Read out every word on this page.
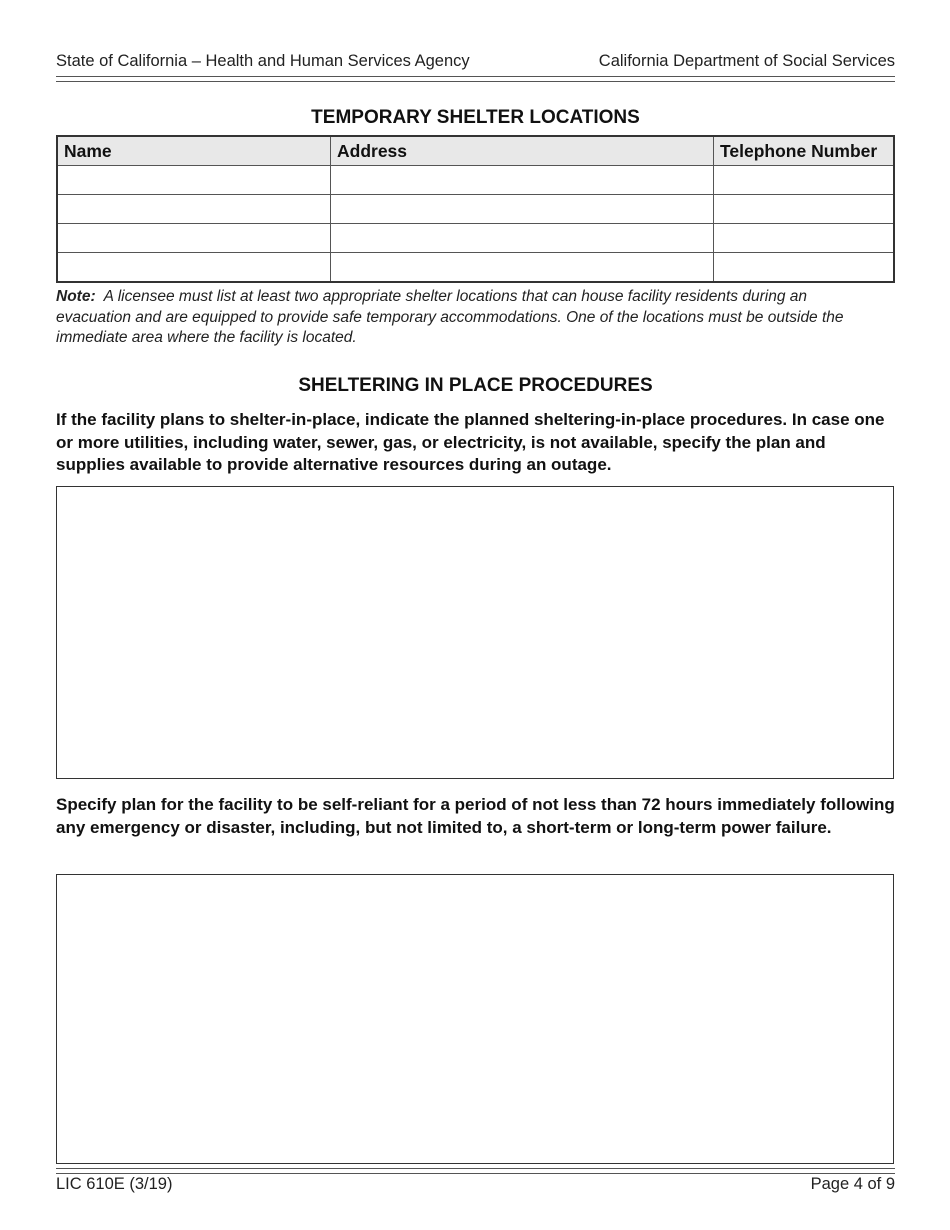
State of California – Health and Human Services Agency	California Department of Social Services
TEMPORARY SHELTER LOCATIONS
Name	Address	Telephone Number

Note: A licensee must list at least two appropriate shelter locations that can house facility residents during an evacuation and are equipped to provide safe temporary accommodations. One of the locations must be outside the immediate area where the facility is located.
SHELTERING IN PLACE PROCEDURES
If the facility plans to shelter-in-place, indicate the planned sheltering-in-place procedures. In case one or more utilities, including water, sewer, gas, or electricity, is not available, specify the plan and supplies available to provide alternative resources during an outage.
Specify plan for the facility to be self-reliant for a period of not less than 72 hours immediately following any emergency or disaster, including, but not limited to, a short-term or long-term power failure.
LIC 610E (3/19)	Page 4 of 9
